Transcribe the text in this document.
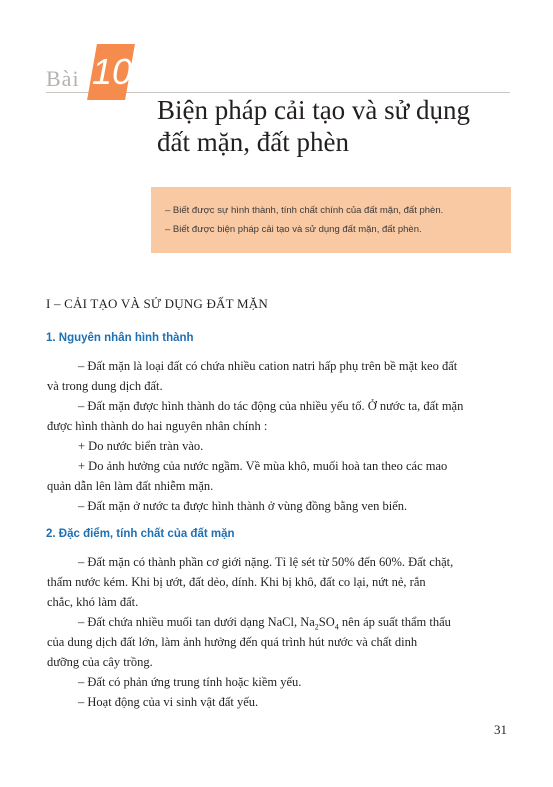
Bài 10
Biện pháp cải tạo và sử dụng
đất mặn, đất phèn
– Biết được sự hình thành, tính chất chính của đất mặn, đất phèn.
– Biết được biện pháp cải tạo và sử dụng đất mặn, đất phèn.
I – CẢI TẠO VÀ SỬ DỤNG ĐẤT MẶN
1. Nguyên nhân hình thành
– Đất mặn là loại đất có chứa nhiều cation natri hấp phụ trên bề mặt keo đất
và trong dung dịch đất.
– Đất mặn được hình thành do tác động của nhiều yếu tố. Ở nước ta, đất mặn
được hình thành do hai nguyên nhân chính :
+ Do nước biển tràn vào.
+ Do ảnh hưởng của nước ngầm. Về mùa khô, muối hoà tan theo các mao
quản dẫn lên làm đất nhiễm mặn.
– Đất mặn ở nước ta được hình thành ở vùng đồng bằng ven biển.
2. Đặc điểm, tính chất của đất mặn
– Đất mặn có thành phần cơ giới nặng. Tỉ lệ sét từ 50% đến 60%. Đất chặt,
thấm nước kém. Khi bị ướt, đất dẻo, dính. Khi bị khô, đất co lại, nứt nẻ, rắn
chắc, khó làm đất.
– Đất chứa nhiều muối tan dưới dạng NaCl, $Na_2SO_4$ nên áp suất thẩm thấu
của dung dịch đất lớn, làm ảnh hưởng đến quá trình hút nước và chất dinh
dưỡng của cây trồng.
– Đất có phản ứng trung tính hoặc kiềm yếu.
– Hoạt động của vi sinh vật đất yếu.
31
